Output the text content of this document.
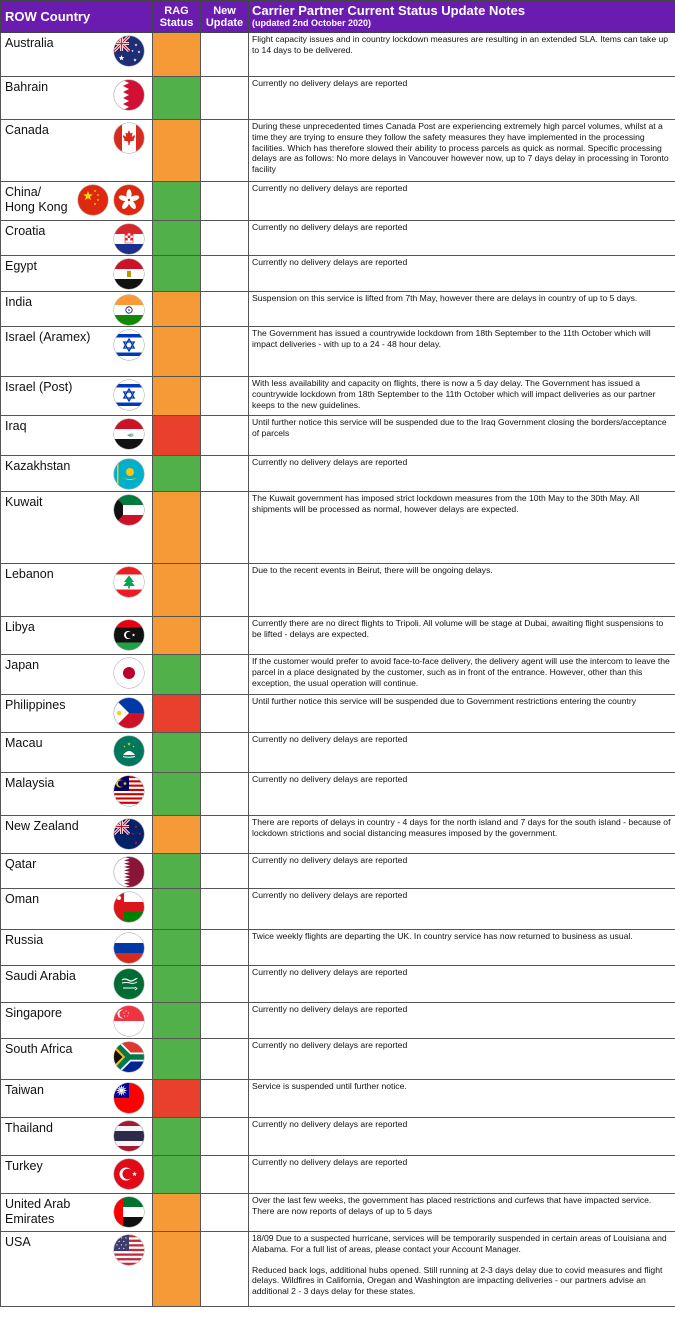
ROW Country	RAG Status	New Update	Carrier Partner Current Status Update Notes
(updated 2nd October 2020)

Australia			Flight capacity issues and in country lockdown measures are resulting in an extended SLA. Items can take up to 14 days to be delivered.

Bahrain			Currently no delivery delays are reported

Canada			During these unprecedented times Canada Post are experiencing extremely high parcel volumes, whilst at a time they are trying to ensure they follow the safety measures they have implemented in the processing facilities. Which has therefore slowed their ability to process parcels as quick as normal. Specific processing delays are as follows: No more delays in Vancouver however now, up to 7 days delay in processing in Toronto facility

China/
Hong Kong			Currently no delivery delays are reported

Croatia			Currently no delivery delays are reported

Egypt			Currently no delivery delays are reported

India			Suspension on this service is lifted from 7th May, however there are delays in country of up to 5 days.

Israel (Aramex)			The Government has issued a countrywide lockdown from 18th September to the 11th October which will impact deliveries - with up to a 24 - 48 hour delay.

Israel (Post)			With less availability and capacity on flights, there is now a 5 day delay. The Government has issued a countrywide lockdown from 18th September to the 11th October which will impact deliveries as our partner keeps to the new guidelines.

Iraq
ﷲ			Until further notice this service will be suspended due to the Iraq Government closing the borders/acceptance of parcels

Kazakhstan			Currently no delivery delays are reported

Kuwait			The Kuwait government has imposed strict lockdown measures from the 10th May to the 30th May. All shipments will be processed as normal, however delays are expected.

Lebanon			Due to the recent events in Beirut, there will be ongoing delays.

Libya			Currently there are no direct flights to Tripoli. All volume will be stage at Dubai, awaiting flight suspensions to be lifted - delays are expected.

Japan			If the customer would prefer to avoid face-to-face delivery, the delivery agent will use the intercom to leave the parcel in a place designated by the customer, such as in front of the entrance. However, other than this exception, the usual operation will continue.

Philippines			Until further notice this service will be suspended due to Government restrictions entering the country

Macau			Currently no delivery delays are reported

Malaysia			Currently no delivery delays are reported

New Zealand			There are reports of delays in country - 4 days for the north island and 7 days for the south island - because of lockdown strictions and social distancing measures imposed by the government.

Qatar			Currently no delivery delays are reported

Oman			Currently no delivery delays are reported

Russia			Twice weekly flights are departing the UK. In country service has now returned to business as usual.

Saudi Arabia			Currently no delivery delays are reported

Singapore			Currently no delivery delays are reported

South Africa			Currently no delivery delays are reported

Taiwan			Service is suspended until further notice.

Thailand			Currently no delivery delays are reported

Turkey			Currently no delivery delays are reported

United Arab
Emirates			Over the last few weeks, the government has placed restrictions and curfews that have impacted service. There are now reports of delays of up to 5 days

USA			18/09 Due to a suspected hurricane, services will be temporarily suspended in certain areas of Louisiana and Alabama. For a full list of areas, please contact your Account Manager.
Reduced back logs, additional hubs opened. Still running at 2-3 days delay due to covid measures and flight delays. Wildfires in California, Oregan and Washington are impacting deliveries - our partners advise an additional 2 - 3 days delay for these states.
